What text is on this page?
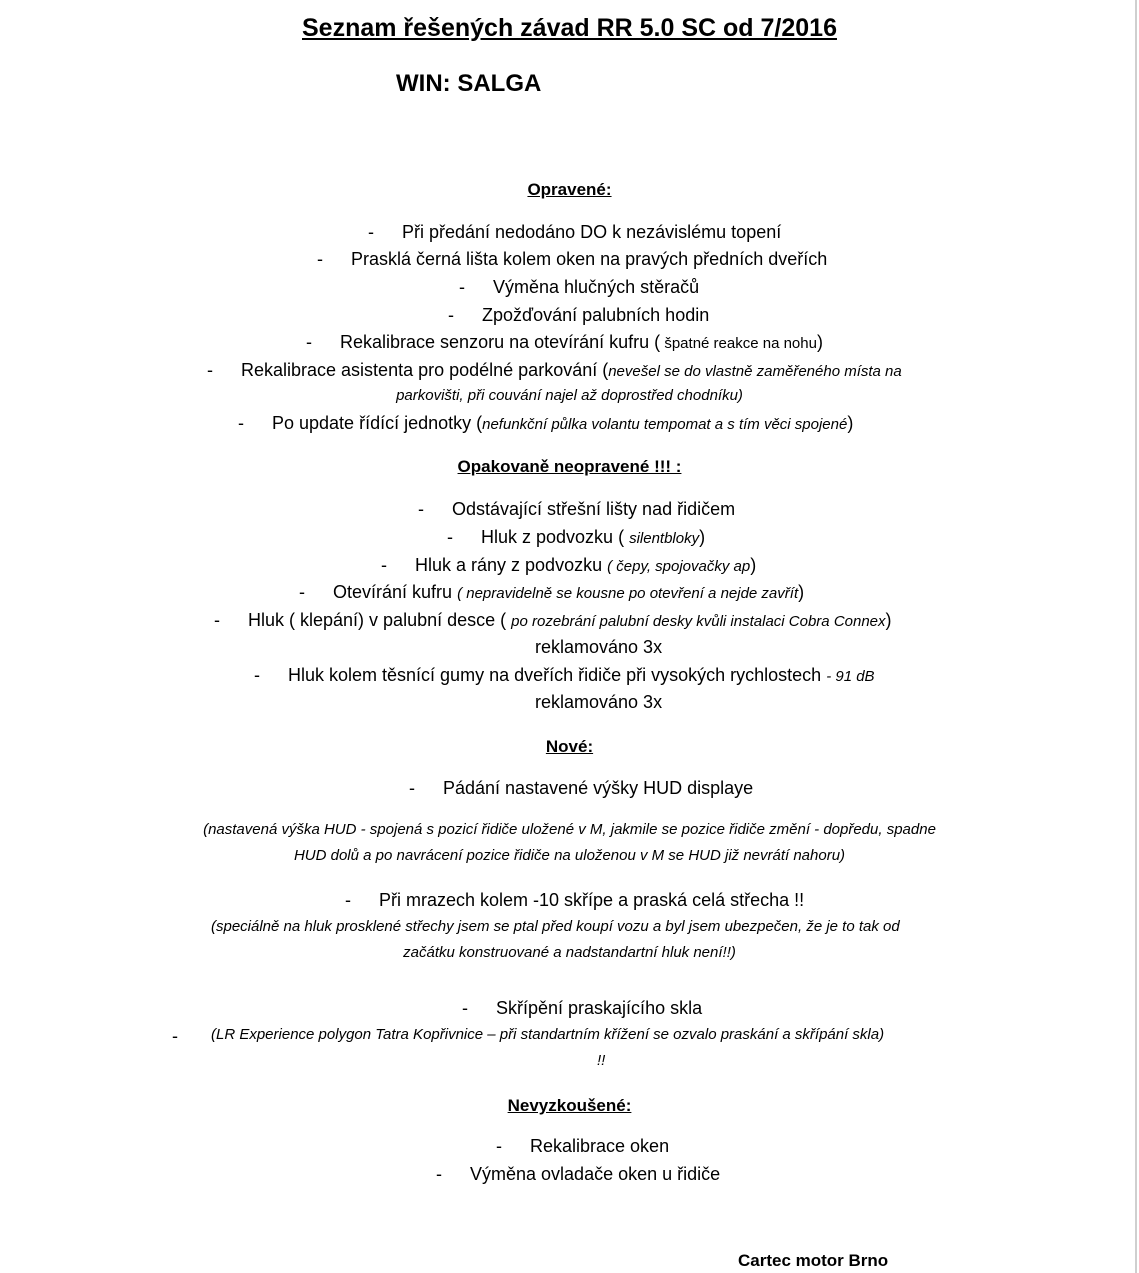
Seznam řešených závad RR 5.0 SC od 7/2016
WIN: SALGA
Opravené:
- Při předání nedodáno DO k nezávislému topení
- Prasklá černá lišta kolem oken na pravých předních dveřích
- Výměna hlučných stěračů
- Zpožďování palubních hodin
- Rekalibrace senzoru na otevírání kufru ( špatné reakce na nohu)
- Rekalibrace asistenta pro podélné parkování (nevešel se do vlastně zaměřeného místa na
parkovišti, při couvání najel až doprostřed chodníku)
- Po update řídící jednotky (nefunkční půlka volantu tempomat a s tím věci spojené)
Opakovaně neopravené !!! :
- Odstávající střešní lišty nad řidičem
- Hluk z podvozku ( silentbloky)
- Hluk a rány z podvozku ( čepy, spojovačky ap)
- Otevírání kufru ( nepravidelně se kousne po otevření a nejde zavřít)
- Hluk ( klepání) v palubní desce ( po rozebrání palubní desky kvůli instalaci Cobra Connex)
reklamováno 3x
- Hluk kolem těsnící gumy na dveřích řidiče při vysokých rychlostech - 91 dB
reklamováno 3x
Nové:
- Pádání nastavené výšky HUD displaye
(nastavená výška HUD - spojená s pozicí řidiče uložené v M, jakmile se pozice řidiče změní - dopředu, spadne
HUD dolů a po navrácení pozice řidiče na uloženou v M se HUD již nevrátí nahoru)
- Při mrazech kolem -10 skřípe a praská celá střecha !!
(speciálně na hluk prosklené střechy jsem se ptal před koupí vozu a byl jsem ubezpečen, že je to tak od
začátku konstruované a nadstandartní hluk není!!)
- Skřípění praskajícího skla
-	(LR Experience polygon Tatra Kopřivnice – při standartním křížení se ozvalo praskání a skřípání skla)
!!
Nevyzkoušené:
- Rekalibrace oken
- Výměna ovladače oken u řidiče
Cartec motor Brno
